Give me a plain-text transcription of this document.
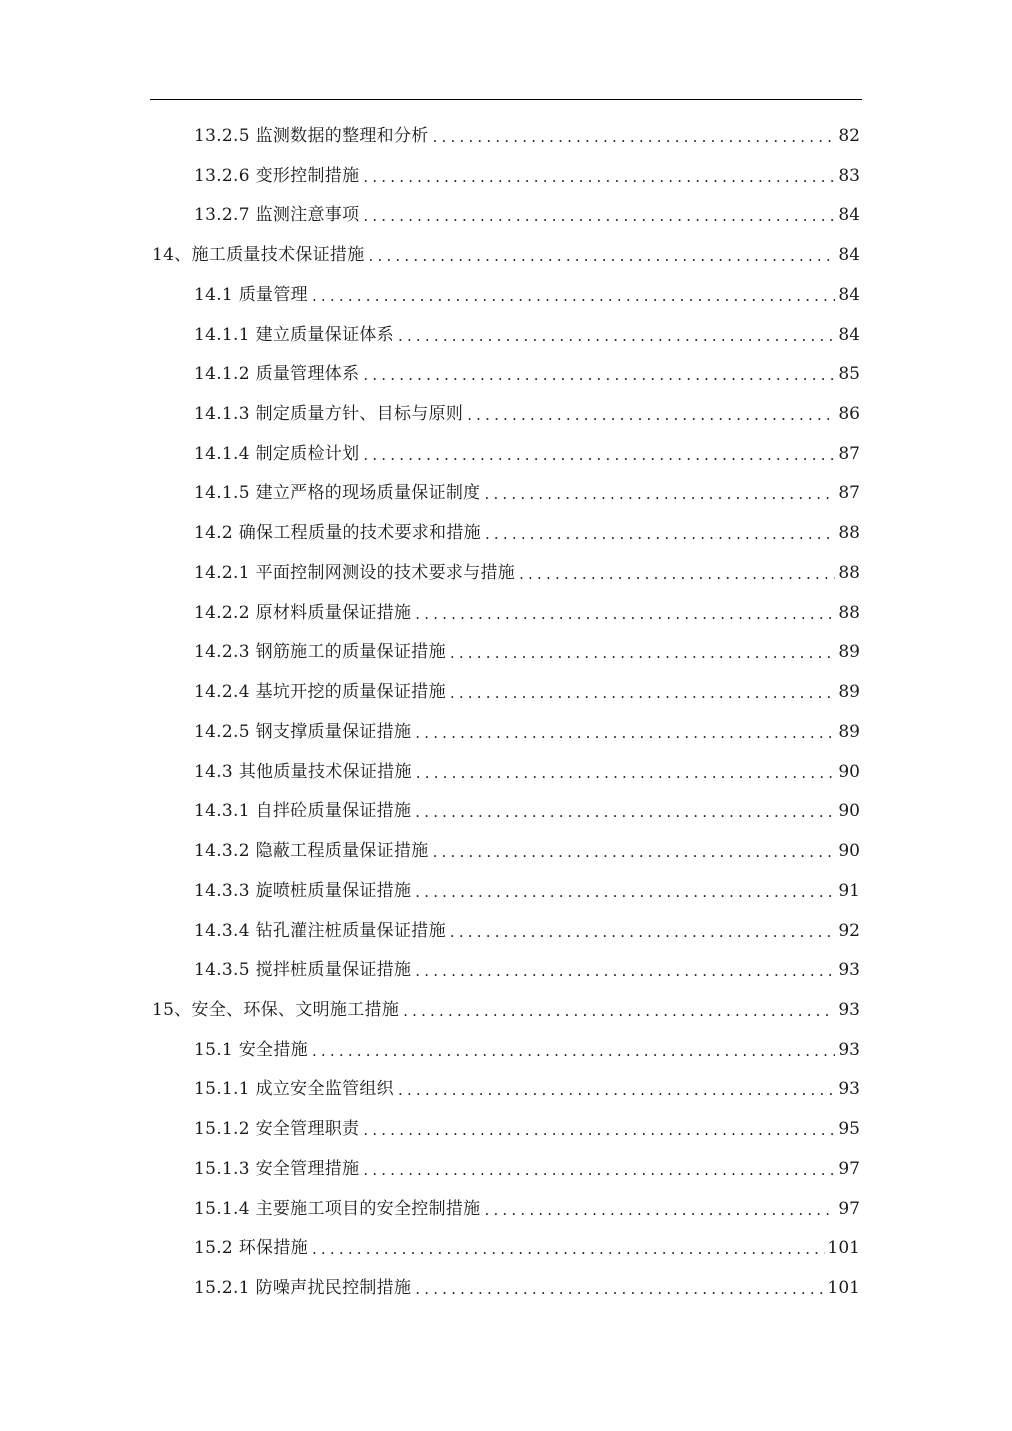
13.2.5 监测数据的整理和分析 .....	82
13.2.6 变形控制措施 .....	83
13.2.7 监测注意事项 .....	84
14、施工质量技术保证措施 .....	84
14.1 质量管理 .....	84
14.1.1 建立质量保证体系 .....	84
14.1.2 质量管理体系 .....	85
14.1.3 制定质量方针、目标与原则 .....	86
14.1.4 制定质检计划 .....	87
14.1.5 建立严格的现场质量保证制度 .....	87
14.2 确保工程质量的技术要求和措施 .....	88
14.2.1 平面控制网测设的技术要求与措施 .....	88
14.2.2 原材料质量保证措施 .....	88
14.2.3 钢筋施工的质量保证措施 .....	89
14.2.4 基坑开挖的质量保证措施 .....	89
14.2.5 钢支撑质量保证措施 .....	89
14.3 其他质量技术保证措施 .....	90
14.3.1 自拌砼质量保证措施 .....	90
14.3.2 隐蔽工程质量保证措施 .....	90
14.3.3 旋喷桩质量保证措施 .....	91
14.3.4 钻孔灌注桩质量保证措施 .....	92
14.3.5 搅拌桩质量保证措施 .....	93
15、安全、环保、文明施工措施 .....	93
15.1 安全措施 .....	93
15.1.1 成立安全监管组织 .....	93
15.1.2 安全管理职责 .....	95
15.1.3 安全管理措施 .....	97
15.1.4 主要施工项目的安全控制措施 .....	97
15.2 环保措施 .....	101
15.2.1 防噪声扰民控制措施 .....	101
